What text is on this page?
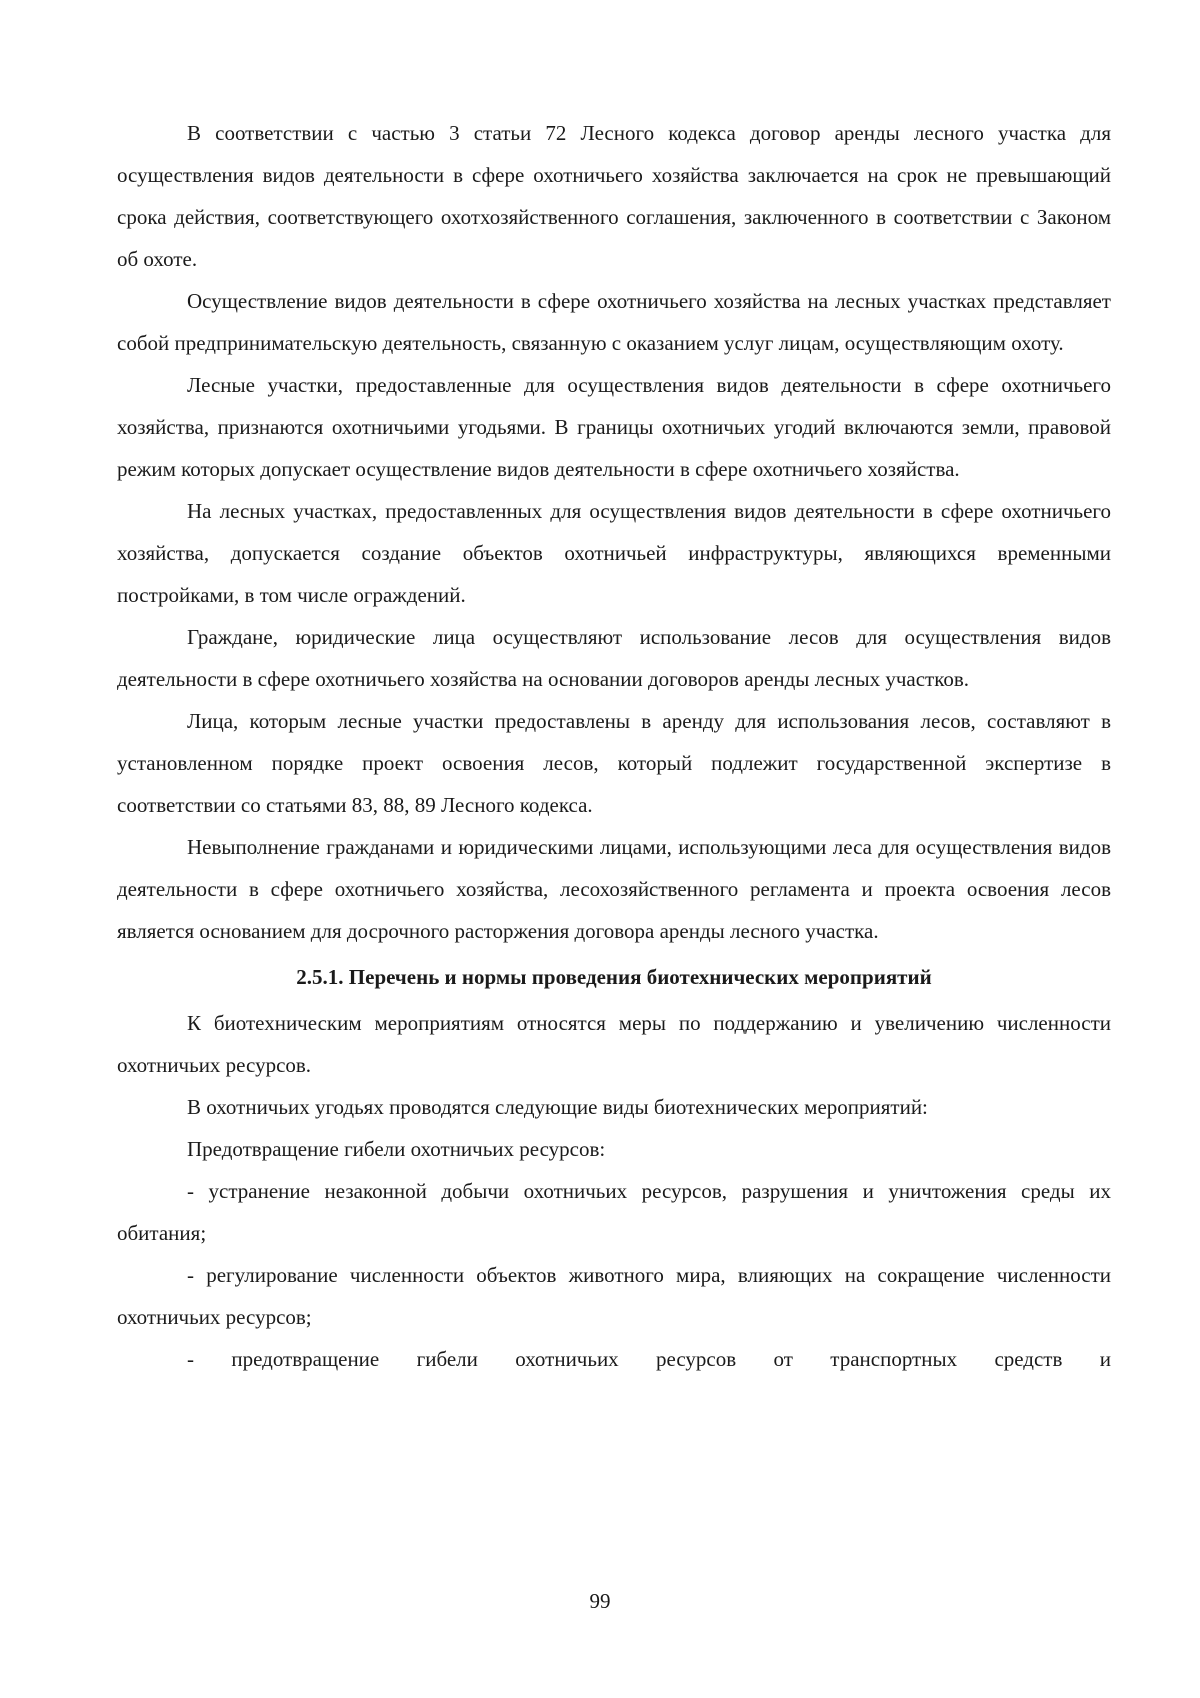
В соответствии с частью 3 статьи 72 Лесного кодекса договор аренды лесного участка для осуществления видов деятельности в сфере охотничьего хозяйства заключается на срок не превышающий срока действия, соответствующего охотхозяйственного соглашения, заключенного в соответствии с Законом об охоте.

Осуществление видов деятельности в сфере охотничьего хозяйства на лесных участках представляет собой предпринимательскую деятельность, связанную с оказанием услуг лицам, осуществляющим охоту.

Лесные участки, предоставленные для осуществления видов деятельности в сфере охотничьего хозяйства, признаются охотничьими угодьями. В границы охотничьих угодий включаются земли, правовой режим которых допускает осуществление видов деятельности в сфере охотничьего хозяйства.

На лесных участках, предоставленных для осуществления видов деятельности в сфере охотничьего хозяйства, допускается создание объектов охотничьей инфраструктуры, являющихся временными постройками, в том числе ограждений.

Граждане, юридические лица осуществляют использование лесов для осуществления видов деятельности в сфере охотничьего хозяйства на основании договоров аренды лесных участков.

Лица, которым лесные участки предоставлены в аренду для использования лесов, составляют в установленном порядке проект освоения лесов, который подлежит государственной экспертизе в соответствии со статьями 83, 88, 89 Лесного кодекса.

Невыполнение гражданами и юридическими лицами, использующими леса для осуществления видов деятельности в сфере охотничьего хозяйства, лесохозяйственного регламента и проекта освоения лесов является основанием для досрочного расторжения договора аренды лесного участка.

2.5.1. Перечень и нормы проведения биотехнических мероприятий

К биотехническим мероприятиям относятся меры по поддержанию и увеличению численности охотничьих ресурсов.

В охотничьих угодьях проводятся следующие виды биотехнических мероприятий:

Предотвращение гибели охотничьих ресурсов:

- устранение незаконной добычи охотничьих ресурсов, разрушения и уничтожения среды их обитания;

- регулирование численности объектов животного мира, влияющих на сокращение численности охотничьих ресурсов;

- предотвращение гибели охотничьих ресурсов от транспортных средств и

99
